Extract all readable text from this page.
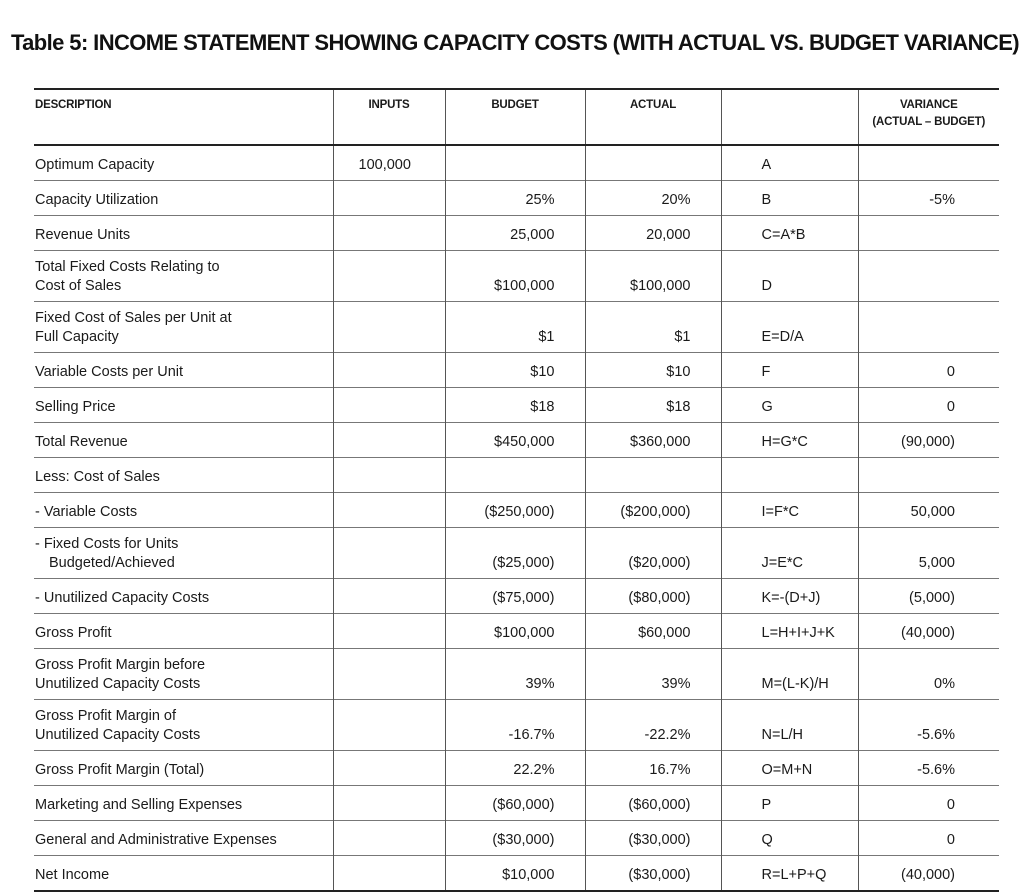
Table 5: INCOME STATEMENT SHOWING CAPACITY COSTS (WITH ACTUAL VS. BUDGET VARIANCE)
DESCRIPTION	INPUTS	BUDGET	ACTUAL		VARIANCE
(ACTUAL – BUDGET)
Optimum Capacity	100,000			A	
Capacity Utilization		25%	20%	B	-5%
Revenue Units		25,000	20,000	C=A*B	
Total Fixed Costs Relating to
Cost of Sales		$100,000	$100,000	D	
Fixed Cost of Sales per Unit at
Full Capacity		$1	$1	E=D/A	
Variable Costs per Unit		$10	$10	F	0
Selling Price		$18	$18	G	0
Total Revenue		$450,000	$360,000	H=G*C	(90,000)
Less: Cost of Sales					
- Variable Costs		($250,000)	($200,000)	I=F*C	50,000
- Fixed Costs for Units
Budgeted/Achieved		($25,000)	($20,000)	J=E*C	5,000
- Unutilized Capacity Costs		($75,000)	($80,000)	K=-(D+J)	(5,000)
Gross Profit		$100,000	$60,000	L=H+I+J+K	(40,000)
Gross Profit Margin before
Unutilized Capacity Costs		39%	39%	M=(L-K)/H	0%
Gross Profit Margin of
Unutilized Capacity Costs		-16.7%	-22.2%	N=L/H	-5.6%
Gross Profit Margin (Total)		22.2%	16.7%	O=M+N	-5.6%
Marketing and Selling Expenses		($60,000)	($60,000)	P	0
General and Administrative Expenses		($30,000)	($30,000)	Q	0
Net Income		$10,000	($30,000)	R=L+P+Q	(40,000)
